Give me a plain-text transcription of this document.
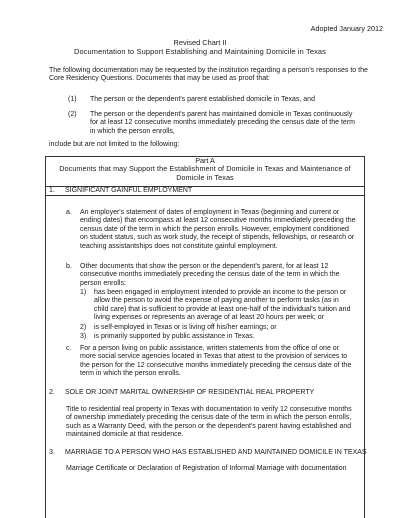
Adopted January 2012
Revised Chart II
Documentation to Support Establishing and Maintaining Domicile in Texas
The following documentation may be requested by the institution regarding a person's responses to the Core Residency Questions. Documents that may be used as proof that:
(1) The person or the dependent's parent established domicile in Texas, and
(2) The person or the dependent's parent has maintained domicile in Texas continuously for at least 12 consecutive months immediately preceding the census date of the term in which the person enrolls,
include but are not limited to the following:
Part A
Documents that may Support the Establishment of Domicile in Texas and Maintenance of Domicile in Texas
1. SIGNIFICANT GAINFUL EMPLOYMENT
a. An employer's statement of dates of employment in Texas (beginning and current or ending dates) that encompass at least 12 consecutive months immediately preceding the census date of the term in which the person enrolls. However, employment conditioned on student status, such as work study, the receipt of stipends, fellowships, or research or teaching assistantships does not constitute gainful employment.
b. Other documents that show the person or the dependent's parent, for at least 12 consecutive months immediately preceding the census date of the term in which the person enrolls:
1) has been engaged in employment intended to provide an income to the person or allow the person to avoid the expense of paying another to perform tasks (as in child care) that is sufficient to provide at least one-half of the individual's tuition and living expenses or represents an average of at least 20 hours per week; or
2) is self-employed in Texas or is living off his/her earnings; or
3) is primarily supported by public assistance in Texas.
c. For a person living on public assistance, written statements from the office of one or more social service agencies located in Texas that attest to the provision of services to the person for the 12 consecutive months immediately preceding the census date of the term in which the person enrolls.
2. SOLE OR JOINT MARITAL OWNERSHIP OF RESIDENTIAL REAL PROPERTY
Title to residential real property in Texas with documentation to verify 12 consecutive months of ownership immediately preceding the census date of the term in which the person enrolls, such as a Warranty Deed, with the person or the dependent's parent having established and maintained domicile at that residence.
3. MARRIAGE TO A PERSON WHO HAS ESTABLISHED AND MAINTAINED DOMICILE IN TEXAS
Marriage Certificate or Declaration of Registration of Informal Marriage with documentation
